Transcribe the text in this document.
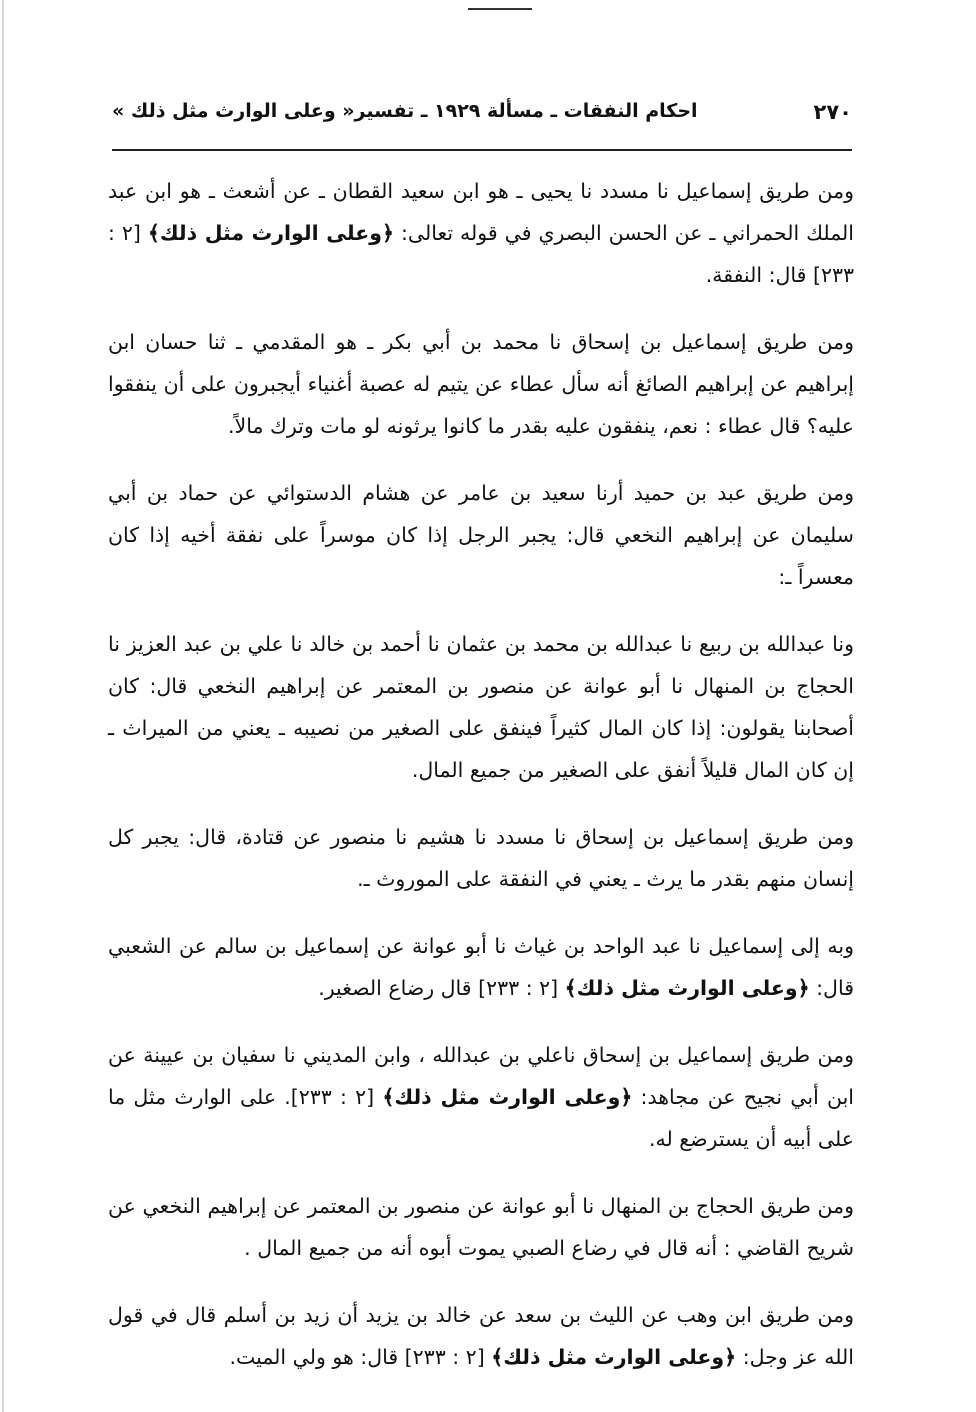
٢٧٠
احكام النفقات ـ مسألة ١٩٢٩ ـ تفسير« وعلى الوارث مثل ذلك »

ومن طريق إسماعيل نا مسدد نا يحيى ـ هو ابن سعيد القطان ـ عن أشعث ـ هو ابن عبد الملك الحمراني ـ عن الحسن البصري في قوله تعالى: ﴿وعلى الوارث مثل ذلك﴾ [٢ : ٢٣٣] قال: النفقة.

ومن طريق إسماعيل بن إسحاق نا محمد بن أبي بكر ـ هو المقدمي ـ ثنا حسان ابن إبراهيم عن إبراهيم الصائغ أنه سأل عطاء عن يتيم له عصبة أغنياء أيجبرون على أن ينفقوا عليه؟ قال عطاء : نعم، ينفقون عليه بقدر ما كانوا يرثونه لو مات وترك مالاً.

ومن طريق عبد بن حميد أرنا سعيد بن عامر عن هشام الدستوائي عن حماد بن أبي سليمان عن إبراهيم النخعي قال: يجبر الرجل إذا كان موسراً على نفقة أخيه إذا كان معسراً ـ:

ونا عبدالله بن ربيع نا عبدالله بن محمد بن عثمان نا أحمد بن خالد نا علي بن عبد العزيز نا الحجاج بن المنهال نا أبو عوانة عن منصور بن المعتمر عن إبراهيم النخعي قال: كان أصحابنا يقولون: إذا كان المال كثيراً فينفق على الصغير من نصيبه ـ يعني من الميراث ـ إن كان المال قليلاً أنفق على الصغير من جميع المال.

ومن طريق إسماعيل بن إسحاق نا مسدد نا هشيم نا منصور عن قتادة، قال: يجبر كل إنسان منهم بقدر ما يرث ـ يعني في النفقة على الموروث ـ.

وبه إلى إسماعيل نا عبد الواحد بن غياث نا أبو عوانة عن إسماعيل بن سالم عن الشعبي قال: ﴿وعلى الوارث مثل ذلك﴾ [٢ : ٢٣٣] قال رضاع الصغير.

ومن طريق إسماعيل بن إسحاق ناعلي بن عبدالله ، وابن المديني نا سفيان بن عيينة عن ابن أبي نجيح عن مجاهد: ﴿وعلى الوارث مثل ذلك﴾ [٢ : ٢٣٣]. على الوارث مثل ما على أبيه أن يسترضع له.

ومن طريق الحجاج بن المنهال نا أبو عوانة عن منصور بن المعتمر عن إبراهيم النخعي عن شريح القاضي : أنه قال في رضاع الصبي يموت أبوه أنه من جميع المال .

ومن طريق ابن وهب عن الليث بن سعد عن خالد بن يزيد أن زيد بن أسلم قال في قول الله عز وجل: ﴿وعلى الوارث مثل ذلك﴾ [٢ : ٢٣٣] قال: هو ولي الميت.
